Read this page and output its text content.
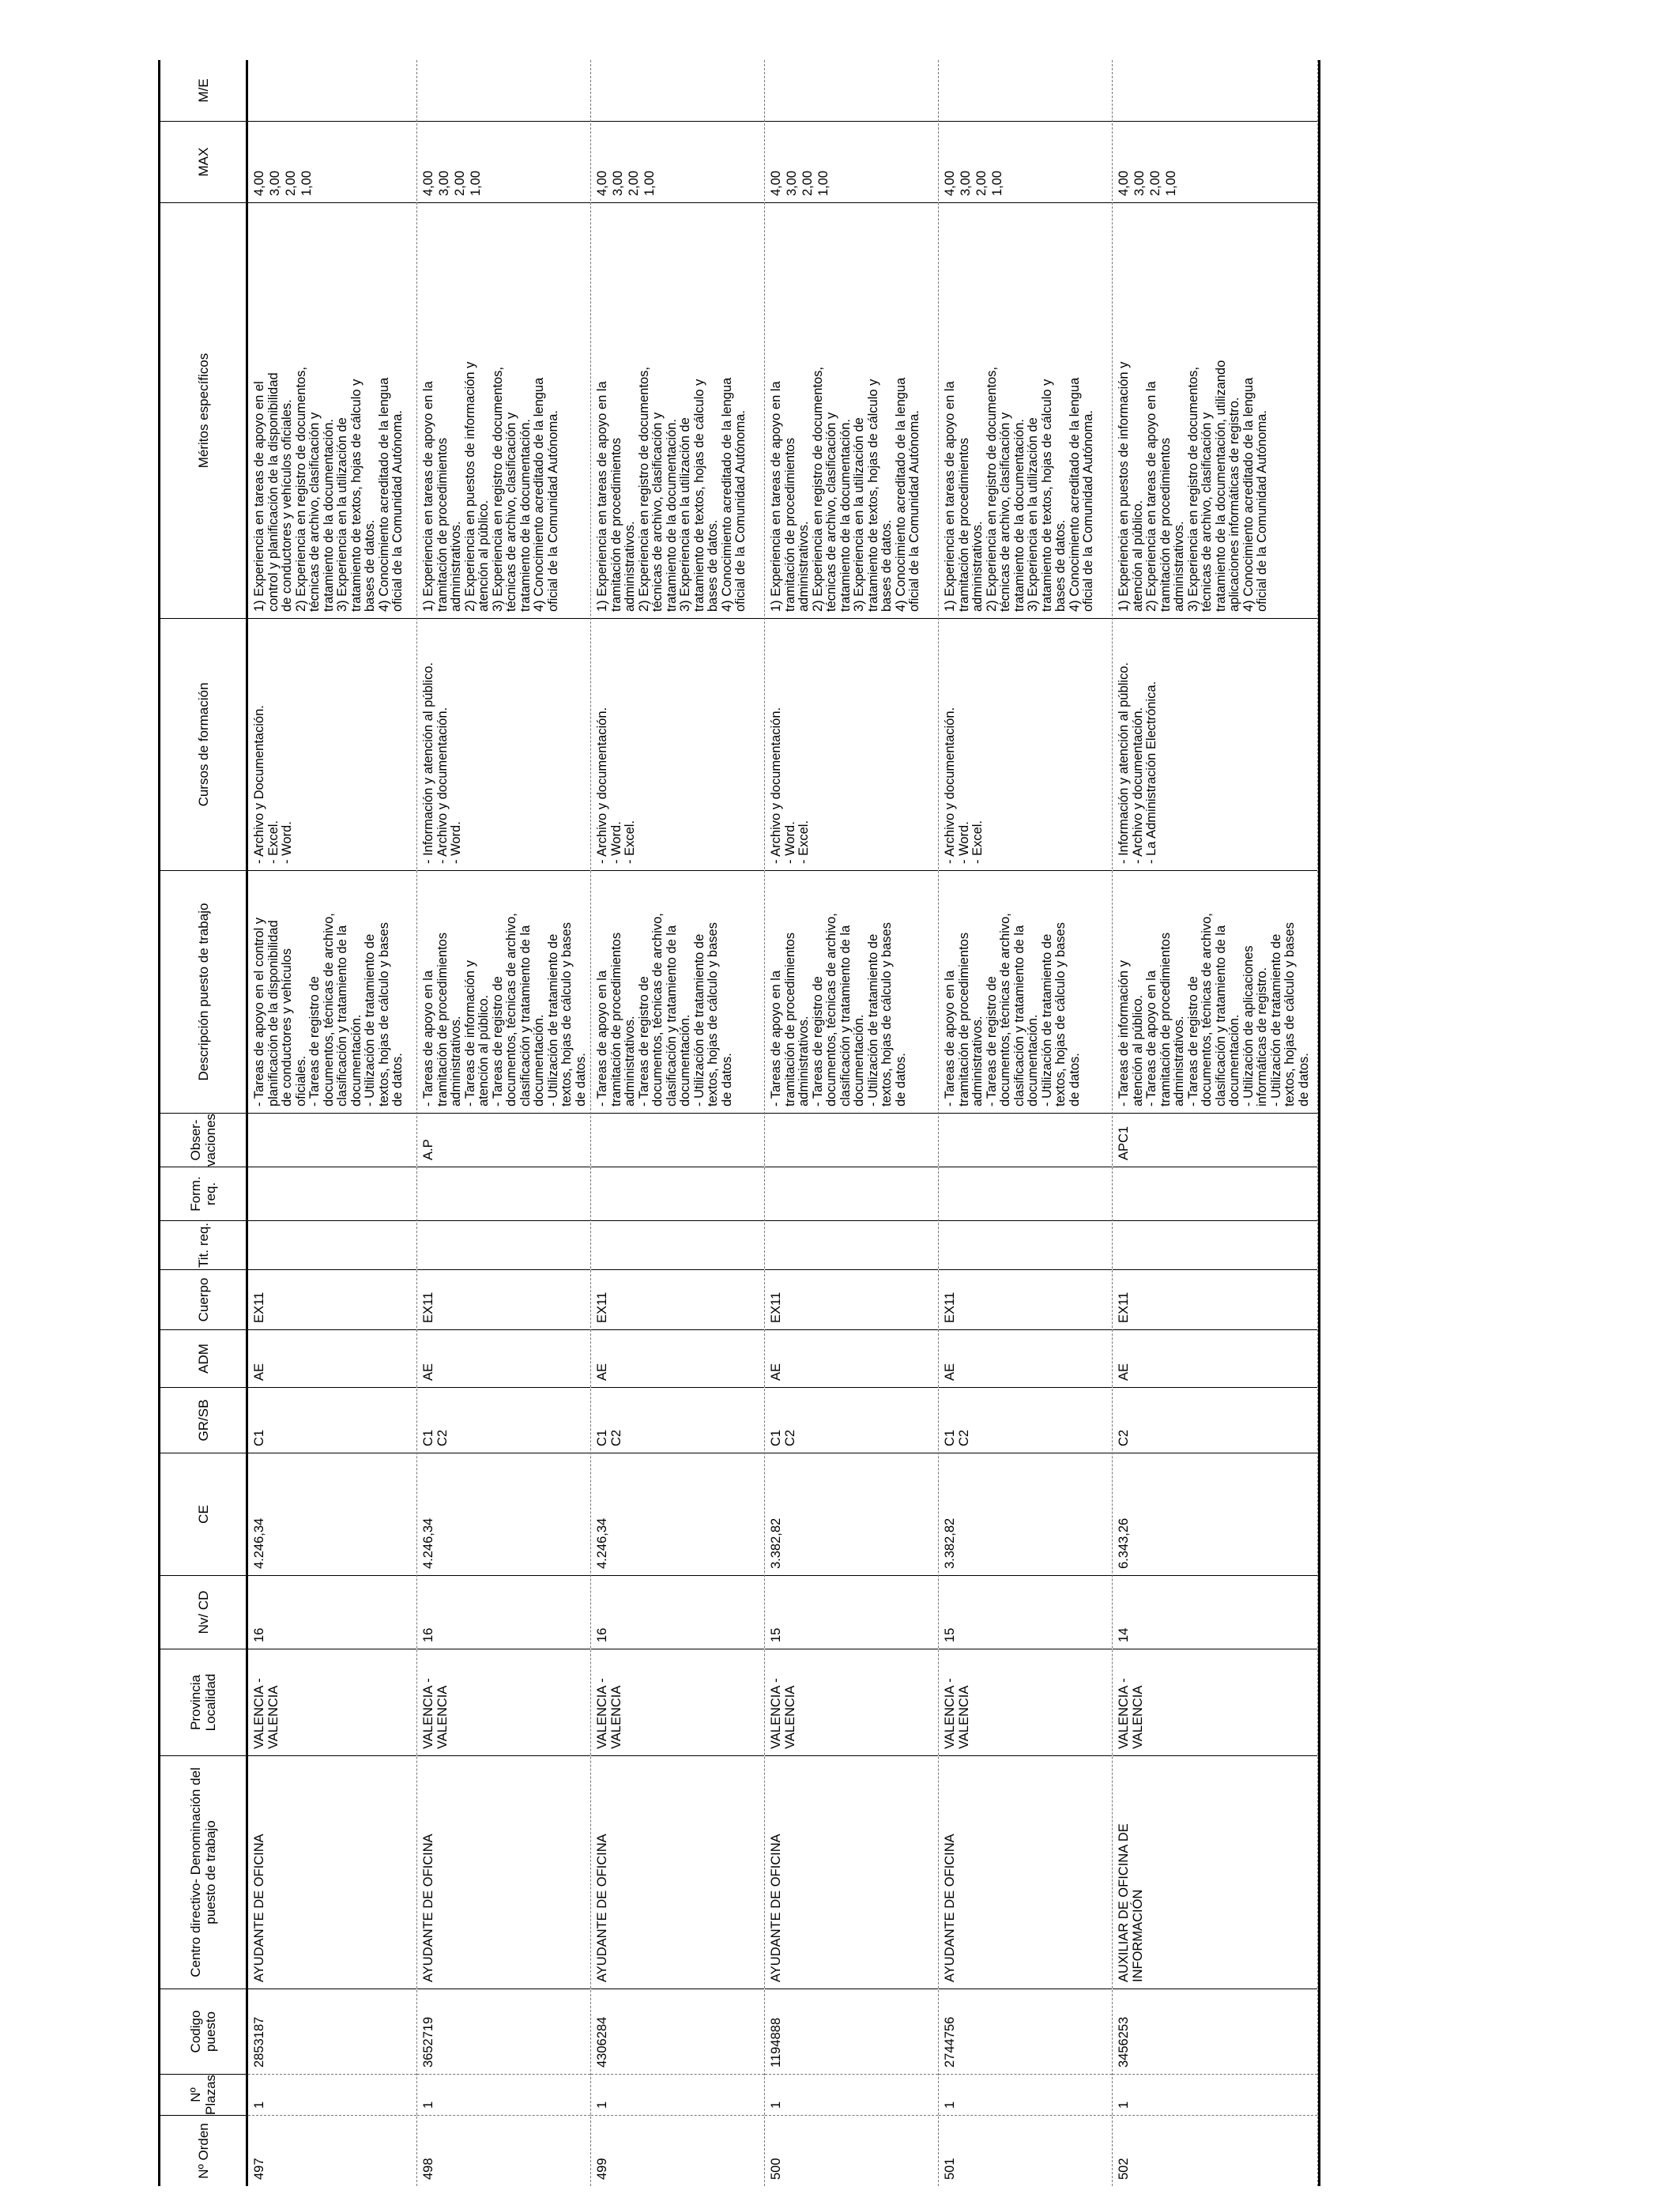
Nº Orden
Nº Plazas
Codigo puesto
Centro directivo- Denominación del puesto de trabajo
Provincia Localidad
Nv/ CD
CE
GR/SB
ADM
Cuerpo
Tit. req.
Form. req.
Obser- vaciones
Descripción puesto de trabajo
Cursos de formación
Méritos específicos
MAX
M/E
497
1
2853187
AYUDANTE DE OFICINA
VALENCIA -
VALENCIA
16
4.246,34
C1
AE
EX11
- Tareas de apoyo en el control y
planificación de la disponibilidad
de conductores y vehículos
oficiales.
- Tareas de registro de
documentos, técnicas de archivo,
clasificación y tratamiento de la
documentación.
- Utilización de tratamiento de
textos, hojas de cálculo y bases
de datos.
- Archivo y Documentación.
- Excel.
- Word.
1) Experiencia en tareas de apoyo en el
control y planificación de la disponibilidad
de conductores y vehículos oficiales.
2) Experiencia en registro de documentos,
técnicas de archivo, clasificación y
tratamiento de la documentación.
3) Experiencia en la utilización de
tratamiento de textos, hojas de cálculo y
bases de datos.
4) Conocimiento acreditado de la lengua
oficial de la Comunidad Autónoma.
4,00 3,00 2,00 1,00
498
1
3652719
AYUDANTE DE OFICINA
VALENCIA -
VALENCIA
16
4.246,34
C1
C2
AE
EX11
A.P
- Tareas de apoyo en la
tramitación de procedimientos
administrativos.
- Tareas de información y
atención al público.
- Tareas de registro de
documentos, técnicas de archivo,
clasificación y tratamiento de la
documentación.
- Utilización de tratamiento de
textos, hojas de cálculo y bases
de datos.
- Información y atención al público.
- Archivo y documentación.
- Word.
1) Experiencia en tareas de apoyo en la
tramitación de procedimientos
administrativos.
2) Experiencia en puestos de información y
atención al público.
3) Experiencia en registro de documentos,
técnicas de archivo, clasificación y
tratamiento de la documentación.
4) Conocimiento acreditado de la lengua
oficial de la Comunidad Autónoma.
4,00 3,00 2,00 1,00
499
1
4306284
AYUDANTE DE OFICINA
VALENCIA -
VALENCIA
16
4.246,34
C1
C2
AE
EX11
- Tareas de apoyo en la
tramitación de procedimientos
administrativos.
- Tareas de registro de
documentos, técnicas de archivo,
clasificación y tratamiento de la
documentación.
- Utilización de tratamiento de
textos, hojas de cálculo y bases
de datos.
- Archivo y documentación.
- Word.
- Excel.
1) Experiencia en tareas de apoyo en la
tramitación de procedimientos
administrativos.
2) Experiencia en registro de documentos,
técnicas de archivo, clasificación y
tratamiento de la documentación.
3) Experiencia en la utilización de
tratamiento de textos, hojas de cálculo y
bases de datos.
4) Conocimiento acreditado de la lengua
oficial de la Comunidad Autónoma.
4,00 3,00 2,00 1,00
500
1
1194888
AYUDANTE DE OFICINA
VALENCIA -
VALENCIA
15
3.382,82
C1
C2
AE
EX11
- Tareas de apoyo en la
tramitación de procedimientos
administrativos.
- Tareas de registro de
documentos, técnicas de archivo,
clasificación y tratamiento de la
documentación.
- Utilización de tratamiento de
textos, hojas de cálculo y bases
de datos.
- Archivo y documentación.
- Word.
- Excel.
1) Experiencia en tareas de apoyo en la
tramitación de procedimientos
administrativos.
2) Experiencia en registro de documentos,
técnicas de archivo, clasificación y
tratamiento de la documentación.
3) Experiencia en la utilización de
tratamiento de textos, hojas de cálculo y
bases de datos.
4) Conocimiento acreditado de la lengua
oficial de la Comunidad Autónoma.
4,00 3,00 2,00 1,00
501
1
2744756
AYUDANTE DE OFICINA
VALENCIA -
VALENCIA
15
3.382,82
C1
C2
AE
EX11
- Tareas de apoyo en la
tramitación de procedimientos
administrativos.
- Tareas de registro de
documentos, técnicas de archivo,
clasificación y tratamiento de la
documentación.
- Utilización de tratamiento de
textos, hojas de cálculo y bases
de datos.
- Archivo y documentación.
- Word.
- Excel.
1) Experiencia en tareas de apoyo en la
tramitación de procedimientos
administrativos.
2) Experiencia en registro de documentos,
técnicas de archivo, clasificación y
tratamiento de la documentación.
3) Experiencia en la utilización de
tratamiento de textos, hojas de cálculo y
bases de datos.
4) Conocimiento acreditado de la lengua
oficial de la Comunidad Autónoma.
4,00 3,00 2,00 1,00
502
1
3456253
AUXILIAR DE OFICINA DE
INFORMACIÓN
VALENCIA -
VALENCIA
14
6.343,26
C2
AE
EX11
APC1
- Tareas de información y
atención al público.
- Tareas de apoyo en la
tramitación de procedimientos
administrativos.
- Tareas de registro de
documentos, técnicas de archivo,
clasificación y tratamiento de la
documentación.
- Utilización de aplicaciones
informáticas de registro.
- Utilización de tratamiento de
textos, hojas de cálculo y bases
de datos.
- Información y atención al público.
- Archivo y documentación.
- La Administración Electrónica.
1) Experiencia en puestos de información y
atención al público.
2) Experiencia en tareas de apoyo en la
tramitación de procedimientos
administrativos.
3) Experiencia en registro de documentos,
técnicas de archivo, clasificación y
tratamiento de la documentación, utilizando
aplicaciones informáticas de registro.
4) Conocimiento acreditado de la lengua
oficial de la Comunidad Autónoma.
4,00 3,00 2,00 1,00
